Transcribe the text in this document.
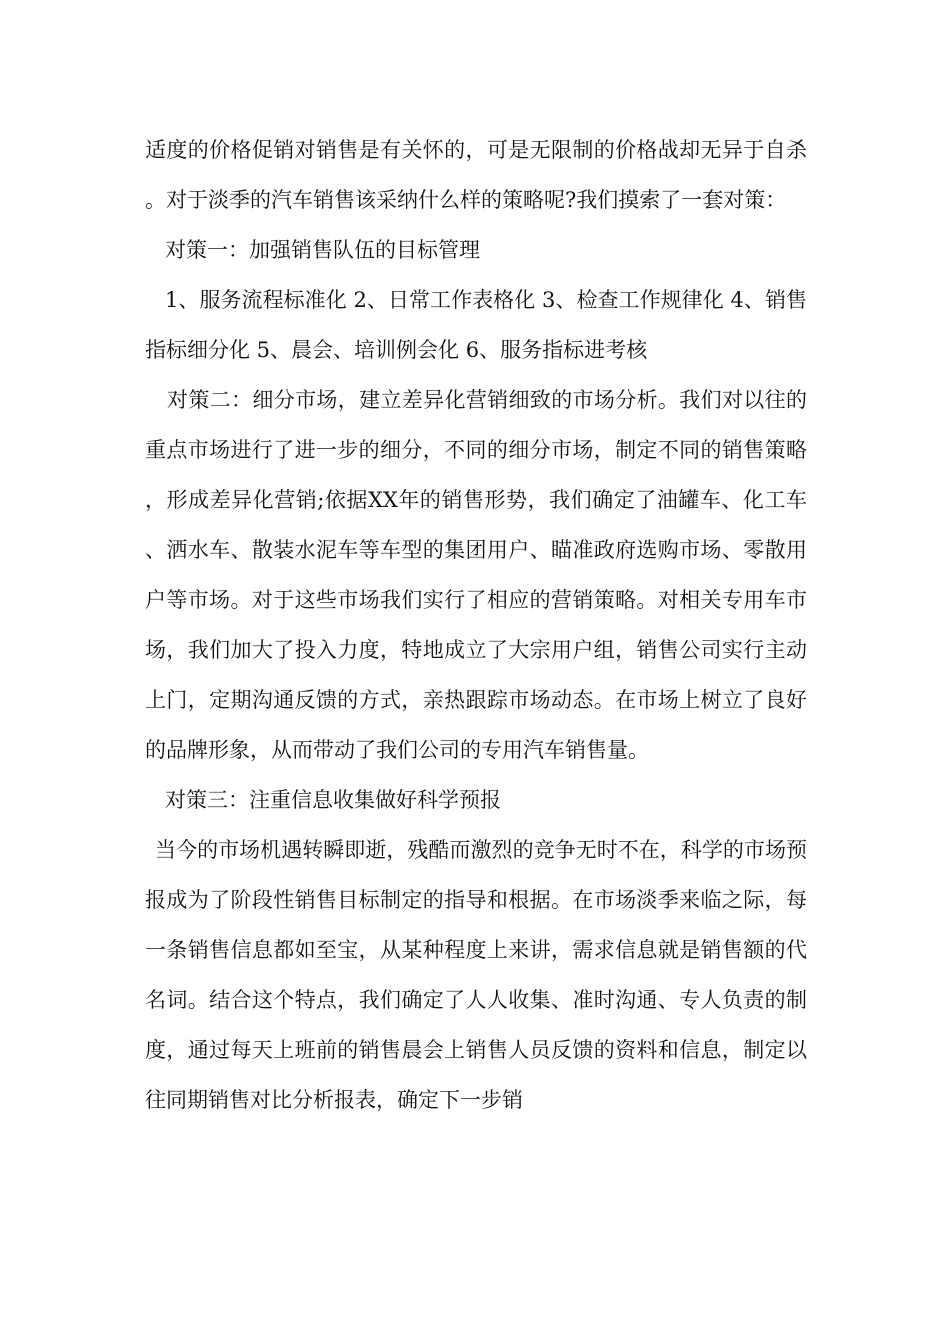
适度的价格促销对销售是有关怀的，可是无限制的价格战却无异于自杀。对于淡季的汽车销售该采纳什么样的策略呢?我们摸索了一套对策：

对策一：加强销售队伍的目标管理

1、服务流程标准化 2、日常工作表格化 3、检查工作规律化 4、销售指标细分化 5、晨会、培训例会化 6、服务指标进考核

对策二：细分市场，建立差异化营销细致的市场分析。我们对以往的重点市场进行了进一步的细分，不同的细分市场，制定不同的销售策略，形成差异化营销;依据XX年的销售形势，我们确定了油罐车、化工车、洒水车、散装水泥车等车型的集团用户、瞄准政府选购市场、零散用户等市场。对于这些市场我们实行了相应的营销策略。对相关专用车市场，我们加大了投入力度，特地成立了大宗用户组，销售公司实行主动上门，定期沟通反馈的方式，亲热跟踪市场动态。在市场上树立了良好的品牌形象，从而带动了我们公司的专用汽车销售量。

对策三：注重信息收集做好科学预报

当今的市场机遇转瞬即逝，残酷而激烈的竞争无时不在，科学的市场预报成为了阶段性销售目标制定的指导和根据。在市场淡季来临之际，每一条销售信息都如至宝，从某种程度上来讲，需求信息就是销售额的代名词。结合这个特点，我们确定了人人收集、准时沟通、专人负责的制度，通过每天上班前的销售晨会上销售人员反馈的资料和信息，制定以往同期销售对比分析报表，确定下一步销
